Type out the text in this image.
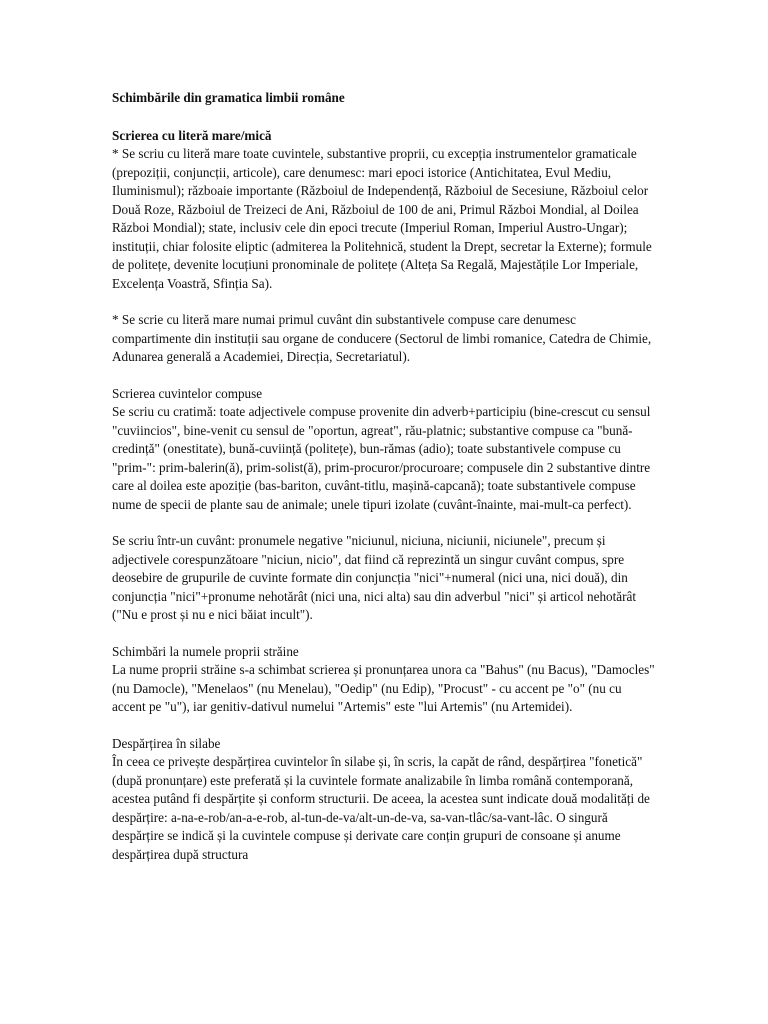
Schimbările din gramatica limbii române
Scrierea cu literă mare/mică
* Se scriu cu literă mare toate cuvintele, substantive proprii, cu excepția instrumentelor gramaticale (prepoziții, conjuncții, articole), care denumesc: mari epoci istorice (Antichitatea, Evul Mediu, Iluminismul); războaie importante (Războiul de Independență, Războiul de Secesiune, Războiul celor Două Roze, Războiul de Treizeci de Ani, Războiul de 100 de ani, Primul Război Mondial, al Doilea Război Mondial); state, inclusiv cele din epoci trecute (Imperiul Roman, Imperiul Austro-Ungar); instituții, chiar folosite eliptic (admiterea la Politehnică, student la Drept, secretar la Externe); formule de politețe, devenite locuțiuni pronominale de politețe (Alteța Sa Regală, Majestățile Lor Imperiale, Excelența Voastră, Sfinția Sa).
* Se scrie cu literă mare numai primul cuvânt din substantivele compuse care denumesc compartimente din instituții sau organe de conducere (Sectorul de limbi romanice, Catedra de Chimie, Adunarea generală a Academiei, Direcția, Secretariatul).
Scrierea cuvintelor compuse
Se scriu cu cratimă: toate adjectivele compuse provenite din adverb+participiu (bine-crescut cu sensul "cuviincios", bine-venit cu sensul de "oportun, agreat", rău-platnic; substantive compuse ca "bună-credință" (onestitate), bună-cuviință (politețe), bun-rămas (adio); toate substantivele compuse cu "prim-": prim-balerin(ă), prim-solist(ă), prim-procuror/procuroare; compusele din 2 substantive dintre care al doilea este apoziție (bas-bariton, cuvânt-titlu, mașină-capcană); toate substantivele compuse nume de specii de plante sau de animale; unele tipuri izolate (cuvânt-înainte, mai-mult-ca perfect).
Se scriu într-un cuvânt: pronumele negative "niciunul, niciuna, niciunii, niciunele", precum și adjectivele corespunzătoare "niciun, nicio", dat fiind că reprezintă un singur cuvânt compus, spre deosebire de grupurile de cuvinte formate din conjuncția "nici"+numeral (nici una, nici două), din conjuncția "nici"+pronume nehotărât (nici una, nici alta) sau din adverbul "nici" și articol nehotărât ("Nu e prost și nu e nici băiat incult").
Schimbări la numele proprii străine
La nume proprii străine s-a schimbat scrierea și pronunțarea unora ca "Bahus" (nu Bacus), "Damocles" (nu Damocle), "Menelaos" (nu Menelau), "Oedip" (nu Edip), "Procust" - cu accent pe "o" (nu cu accent pe "u"), iar genitiv-dativul numelui "Artemis" este "lui Artemis" (nu Artemidei).
Despărțirea în silabe
În ceea ce privește despărțirea cuvintelor în silabe și, în scris, la capăt de rând, despărțirea "fonetică" (după pronunțare) este preferată și la cuvintele formate analizabile în limba română contemporană, acestea putând fi despărțite și conform structurii. De aceea, la acestea sunt indicate două modalități de despărțire: a-na-e-rob/an-a-e-rob, al-tun-de-va/alt-un-de-va, sa-van-tlâc/sa-vant-lâc. O singură despărțire se indică și la cuvintele compuse și derivate care conțin grupuri de consoane și anume despărțirea după structura
